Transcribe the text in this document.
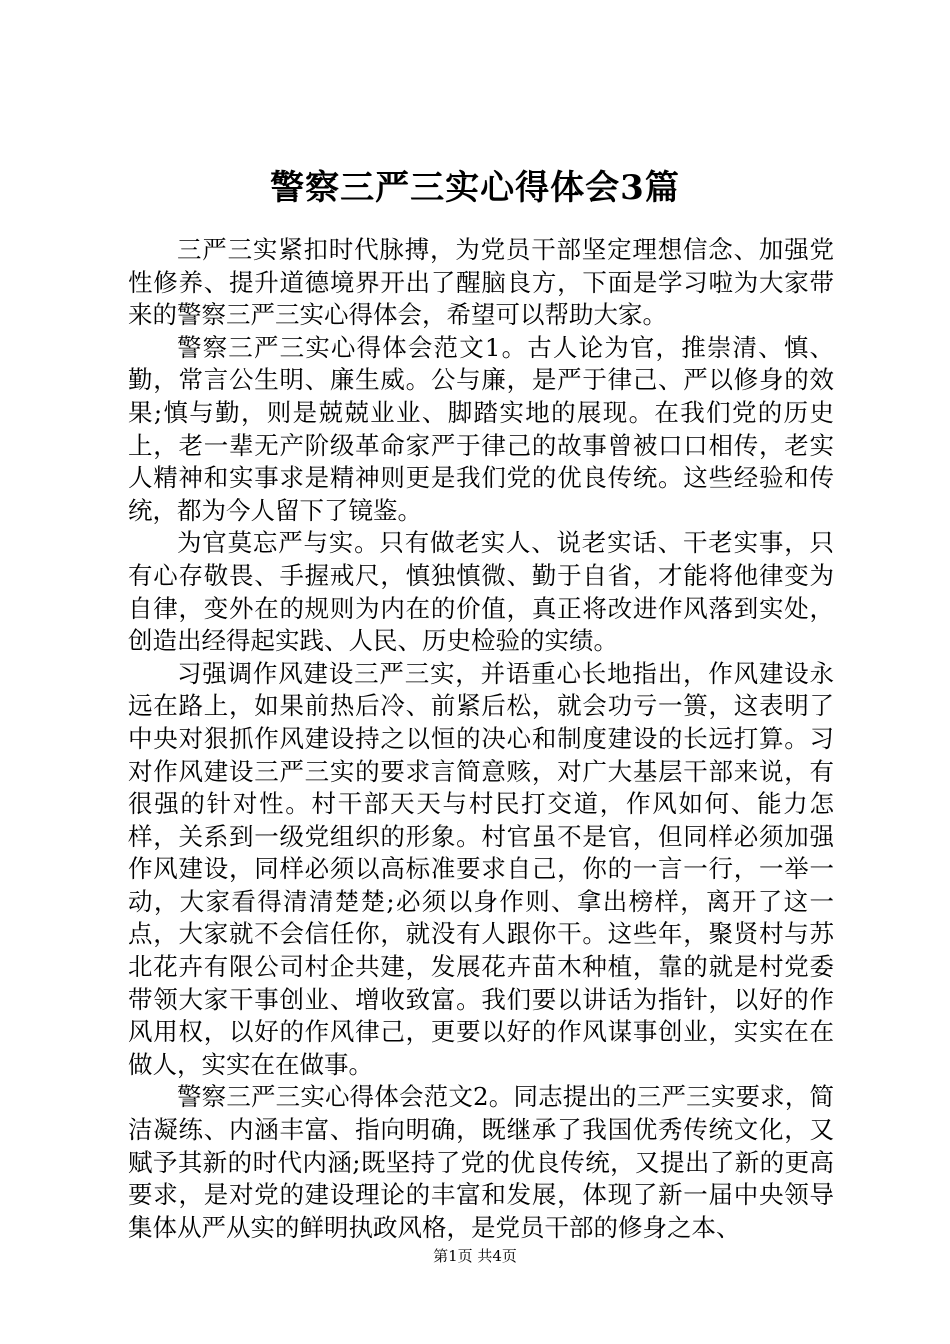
警察三严三实心得体会3篇

三严三实紧扣时代脉搏，为党员干部坚定理想信念、加强党性修养、提升道德境界开出了醒脑良方，下面是学习啦为大家带来的警察三严三实心得体会，希望可以帮助大家。

警察三严三实心得体会范文1。古人论为官，推崇清、慎、勤，常言公生明、廉生威。公与廉，是严于律己、严以修身的效果;慎与勤，则是兢兢业业、脚踏实地的展现。在我们党的历史上，老一辈无产阶级革命家严于律己的故事曾被口口相传，老实人精神和实事求是精神则更是我们党的优良传统。这些经验和传统，都为今人留下了镜鉴。

为官莫忘严与实。只有做老实人、说老实话、干老实事，只有心存敬畏、手握戒尺，慎独慎微、勤于自省，才能将他律变为自律，变外在的规则为内在的价值，真正将改进作风落到实处，创造出经得起实践、人民、历史检验的实绩。

习强调作风建设三严三实，并语重心长地指出，作风建设永远在路上，如果前热后冷、前紧后松，就会功亏一篑，这表明了中央对狠抓作风建设持之以恒的决心和制度建设的长远打算。习对作风建设三严三实的要求言简意赅，对广大基层干部来说，有很强的针对性。村干部天天与村民打交道，作风如何、能力怎样，关系到一级党组织的形象。村官虽不是官，但同样必须加强作风建设，同样必须以高标准要求自己，你的一言一行，一举一动，大家看得清清楚楚;必须以身作则、拿出榜样，离开了这一点，大家就不会信任你，就没有人跟你干。这些年，聚贤村与苏北花卉有限公司村企共建，发展花卉苗木种植，靠的就是村党委带领大家干事创业、增收致富。我们要以讲话为指针，以好的作风用权，以好的作风律己，更要以好的作风谋事创业，实实在在做人，实实在在做事。

警察三严三实心得体会范文2。同志提出的三严三实要求，简洁凝练、内涵丰富、指向明确，既继承了我国优秀传统文化，又赋予其新的时代内涵;既坚持了党的优良传统，又提出了新的更高要求，是对党的建设理论的丰富和发展，体现了新一届中央领导集体从严从实的鲜明执政风格，是党员干部的修身之本、

第1页 共4页
